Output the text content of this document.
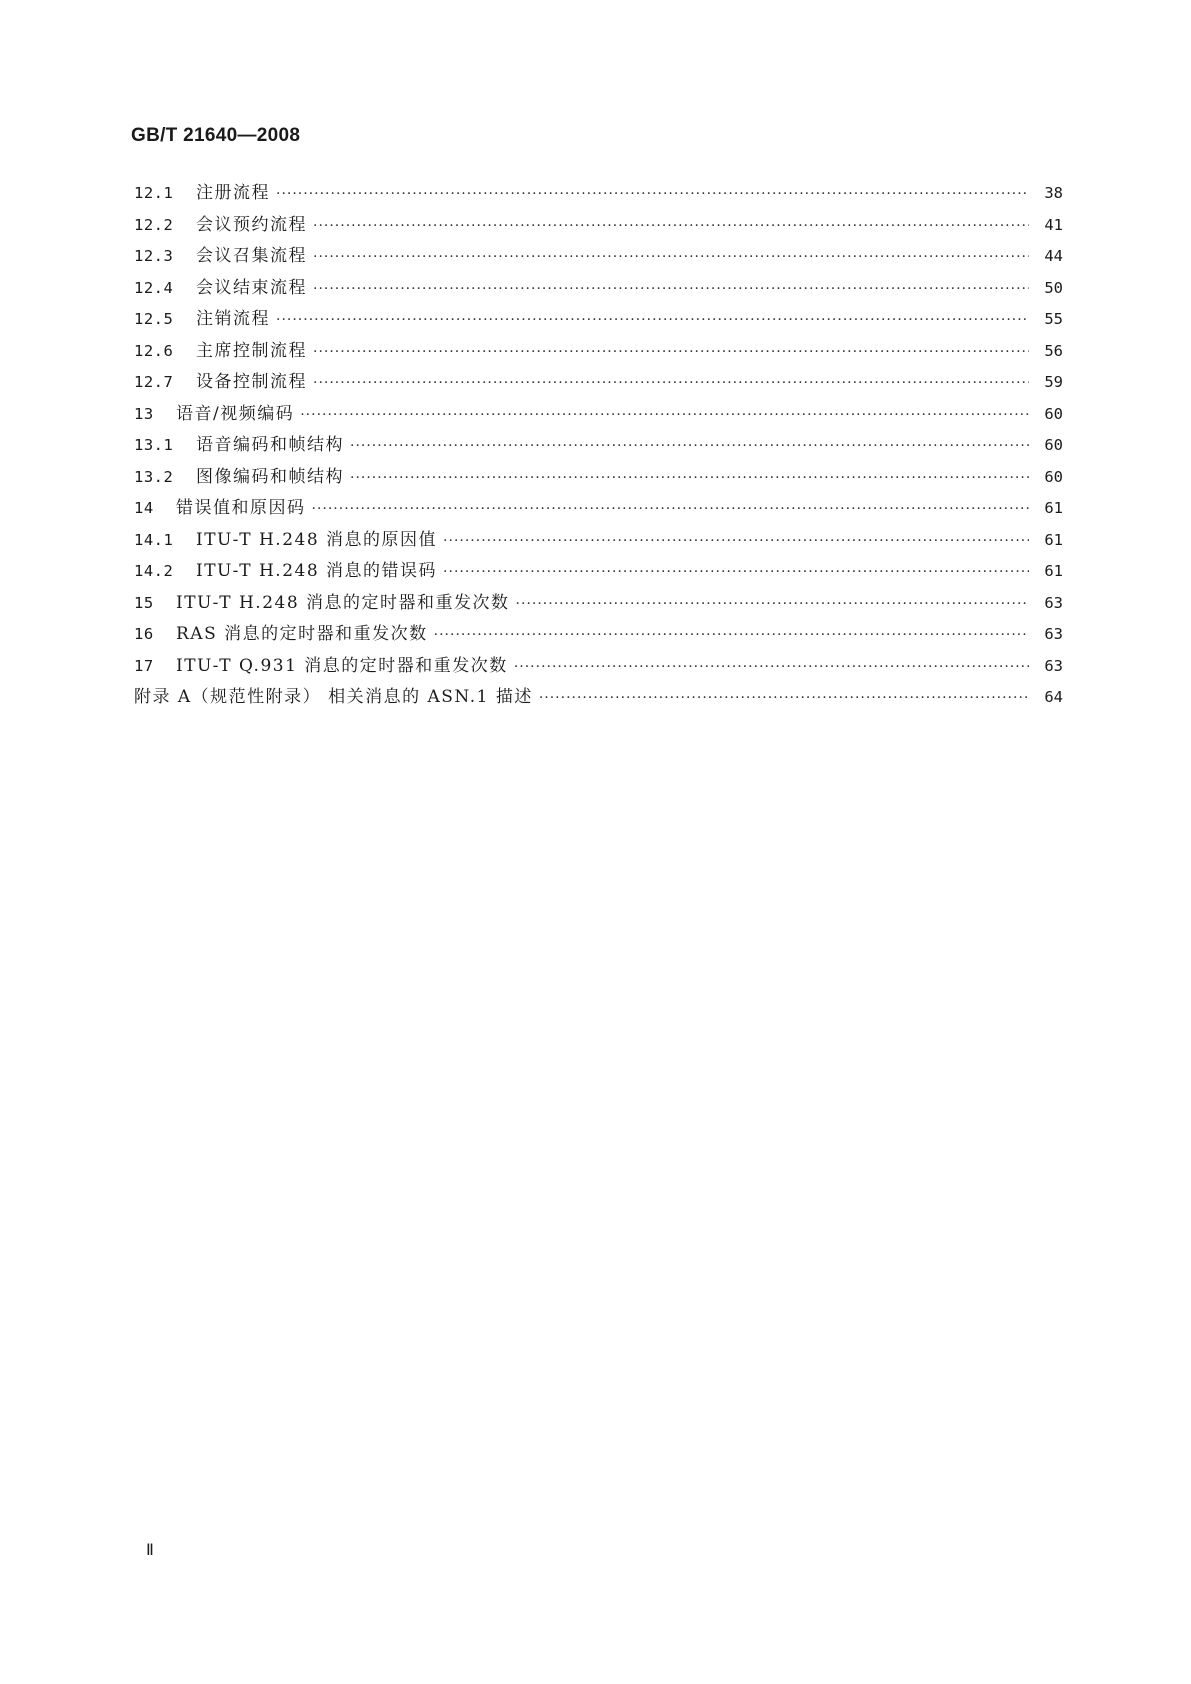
GB/T 21640—2008

12.1	注册流程 ·····	38
12.2	会议预约流程 ·····	41
12.3	会议召集流程 ·····	44
12.4	会议结束流程 ·····	50
12.5	注销流程 ·····	55
12.6	主席控制流程 ·····	56
12.7	设备控制流程 ·····	59
13	语音/视频编码 ·····	60
13.1	语音编码和帧结构 ·····	60
13.2	图像编码和帧结构 ·····	60
14	错误值和原因码 ·····	61
14.1	ITU-T H.248 消息的原因值 ·····	61
14.2	ITU-T H.248 消息的错误码 ·····	61
15	ITU-T H.248 消息的定时器和重发次数 ·····	63
16	RAS 消息的定时器和重发次数 ·····	63
17	ITU-T Q.931 消息的定时器和重发次数 ·····	63
附录 A（规范性附录） 相关消息的 ASN.1 描述 ·····	64

Ⅱ
